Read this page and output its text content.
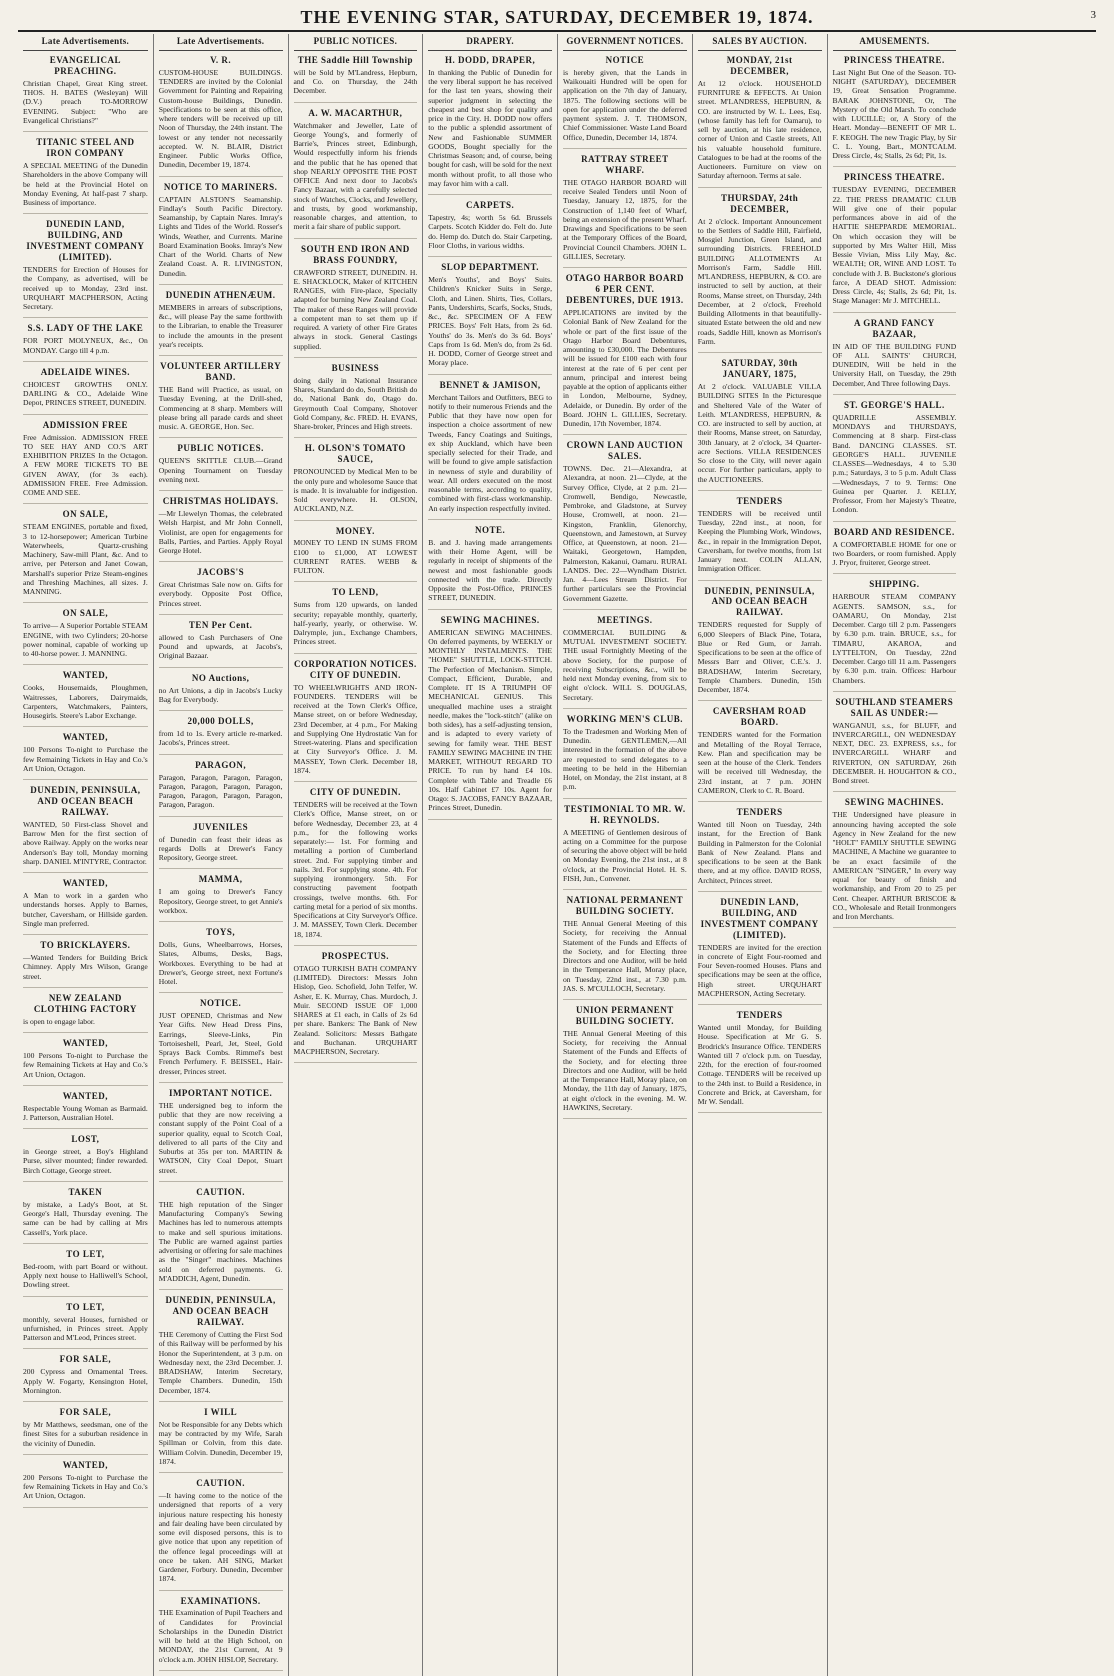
THE EVENING STAR, SATURDAY, DECEMBER 19, 1874.	3
Late Advertisements.
EVANGELICAL PREACHING.

Christian Chapel, Great King street. THOS. H. BATES (Wesleyan) Will (D.V.) preach TO-MORROW EVENING. Subject: "Who are Evangelical Christians?"

TITANIC STEEL AND IRON COMPANY

A SPECIAL MEETING of the Dunedin Shareholders in the above Company will be held at the Provincial Hotel on Monday Evening, At half-past 7 sharp. Business of importance.

DUNEDIN LAND, BUILDING, AND INVESTMENT COMPANY (LIMITED).

TENDERS for Erection of Houses for the Company, as advertised, will be received up to Monday, 23rd inst. URQUHART MACPHERSON, Acting Secretary.

S.S. LADY OF THE LAKE

FOR PORT MOLYNEUX, &c., On MONDAY. Cargo till 4 p.m.

ADELAIDE WINES.

CHOICEST GROWTHS ONLY. DARLING & CO., Adelaide Wine Depot, PRINCES STREET, DUNEDIN.

ADMISSION FREE

Free Admission. ADMISSION FREE TO SEE HAY AND CO.'S ART EXHIBITION PRIZES In the Octagon. A FEW MORE TICKETS TO BE GIVEN AWAY, (for 3s each). ADMISSION FREE. Free Admission. COME AND SEE.

ON SALE,

STEAM ENGINES, portable and fixed, 3 to 12-horsepower; American Turbine Waterwheels, Quartz-crushing Machinery, Saw-mill Plant, &c. And to arrive, per Peterson and Janet Cowan, Marshall's superior Prize Steam-engines and Threshing Machines, all sizes. J. MANNING.

ON SALE,

To arrive— A Superior Portable STEAM ENGINE, with two Cylinders; 20-horse power nominal, capable of working up to 40-horse power. J. MANNING.

WANTED,

Cooks, Housemaids, Ploughmen, Waitresses, Laborers, Dairymaids, Carpenters, Watchmakers, Painters, Housegirls. Steere's Labor Exchange.

WANTED,

100 Persons To-night to Purchase the few Remaining Tickets in Hay and Co.'s Art Union, Octagon.

DUNEDIN, PENINSULA, AND OCEAN BEACH RAILWAY.

WANTED, 50 First-class Shovel and Barrow Men for the first section of above Railway. Apply on the works near Anderson's Bay toll, Monday morning sharp. DANIEL M'INTYRE, Contractor.

WANTED,

A Man to work in a garden who understands horses. Apply to Barnes, butcher, Caversham, or Hillside garden. Single man preferred.

TO BRICKLAYERS.

—Wanted Tenders for Building Brick Chimney. Apply Mrs Wilson, Grange street.

NEW ZEALAND CLOTHING FACTORY

is open to engage labor.

WANTED,

100 Persons To-night to Purchase the few Remaining Tickets at Hay and Co.'s Art Union, Octagon.

WANTED,

Respectable Young Woman as Barmaid. J. Patterson, Australian Hotel.

LOST,

in George street, a Boy's Highland Purse, silver mounted; finder rewarded. Birch Cottage, George street.

TAKEN

by mistake, a Lady's Boot, at St. George's Hall, Thursday evening. The same can be had by calling at Mrs Cassell's, York place.

TO LET,

Bed-room, with part Board or without. Apply next house to Halliwell's School, Dowling street.

TO LET,

monthly, several Houses, furnished or unfurnished, in Princes street. Apply Patterson and M'Leod, Princes street.

FOR SALE,

200 Cypress and Ornamental Trees. Apply W. Fogarty, Kensington Hotel, Mornington.

FOR SALE,

by Mr Matthews, seedsman, one of the finest Sites for a suburban residence in the vicinity of Dunedin.

WANTED,

200 Persons To-night to Purchase the few Remaining Tickets in Hay and Co.'s Art Union, Octagon.

Late Advertisements.
V. R.

CUSTOM-HOUSE BUILDINGS. TENDERS are invited by the Colonial Government for Painting and Repairing Custom-house Buildings, Dunedin. Specifications to be seen at this office, where tenders will be received up till Noon of Thursday, the 24th instant. The lowest or any tender not necessarily accepted. W. N. BLAIR, District Engineer. Public Works Office, Dunedin, December 19, 1874.

NOTICE TO MARINERS.

CAPTAIN ALSTON'S Seamanship. Findlay's South Pacific Directory. Seamanship, by Captain Nares. Imray's Lights and Tides of the World. Rosser's Winds, Weather, and Currents. Marine Board Examination Books. Imray's New Chart of the World. Charts of New Zealand Coast. A. R. LIVINGSTON, Dunedin.

DUNEDIN ATHENÆUM.

MEMBERS in arrears of subscriptions, &c., will please Pay the same forthwith to the Librarian, to enable the Treasurer to include the amounts in the present year's receipts.

VOLUNTEER ARTILLERY BAND.

THE Band will Practice, as usual, on Tuesday Evening, at the Drill-shed, Commencing at 8 sharp. Members will please bring all parade cards and sheet music. A. GEORGE, Hon. Sec.

PUBLIC NOTICES.

QUEEN'S SKITTLE CLUB.—Grand Opening Tournament on Tuesday evening next.

CHRISTMAS HOLIDAYS.

—Mr Llewelyn Thomas, the celebrated Welsh Harpist, and Mr John Connell, Violinist, are open for engagements for Balls, Parties, and Parties. Apply Royal George Hotel.

JACOBS'S

Great Christmas Sale now on. Gifts for everybody. Opposite Post Office, Princes street.

TEN Per Cent.

allowed to Cash Purchasers of One Pound and upwards, at Jacobs's, Original Bazaar.

NO Auctions,

no Art Unions, a dip in Jacobs's Lucky Bag for Everybody.

20,000 DOLLS,

from 1d to 1s. Every article re-marked. Jacobs's, Princes street.

PARAGON,

Paragon, Paragon, Paragon, Paragon, Paragon, Paragon, Paragon, Paragon, Paragon, Paragon, Paragon, Paragon, Paragon, Paragon.

JUVENILES

of Dunedin can feast their ideas as regards Dolls at Drewer's Fancy Repository, George street.

MAMMA,

I am going to Drewer's Fancy Repository, George street, to get Annie's workbox.

TOYS,

Dolls, Guns, Wheelbarrows, Horses, Slates, Albums, Desks, Bags, Workboxes. Everything to be had at Drewer's, George street, next Fortune's Hotel.

NOTICE.

JUST OPENED, Christmas and New Year Gifts. New Head Dress Pins, Earrings, Sleeve-Links, Pin Tortoiseshell, Pearl, Jet, Steel, Gold Sprays Back Combs. Rimmel's best French Perfumery. F. BEISSEL, Hair-dresser, Princes street.

IMPORTANT NOTICE.

THE undersigned beg to inform the public that they are now receiving a constant supply of the Point Coal of a superior quality, equal to Scotch Coal, delivered to all parts of the City and Suburbs at 35s per ton. MARTIN & WATSON, City Coal Depot, Stuart street.

CAUTION.

THE high reputation of the Singer Manufacturing Company's Sewing Machines has led to numerous attempts to make and sell spurious imitations. The Public are warned against parties advertising or offering for sale machines as the "Singer" machines. Machines sold on deferred payments. G. M'ADDICH, Agent, Dunedin.

DUNEDIN, PENINSULA, AND OCEAN BEACH RAILWAY.

THE Ceremony of Cutting the First Sod of this Railway will be performed by his Honor the Superintendent, at 3 p.m. on Wednesday next, the 23rd December. J. BRADSHAW, Interim Secretary, Temple Chambers. Dunedin, 15th December, 1874.

I WILL

Not be Responsible for any Debts which may be contracted by my Wife, Sarah Spillman or Colvin, from this date. William Colvin. Dunedin, December 19, 1874.

CAUTION.

—It having come to the notice of the undersigned that reports of a very injurious nature respecting his honesty and fair dealing have been circulated by some evil disposed persons, this is to give notice that upon any repetition of the offence legal proceedings will at once be taken. AH SING, Market Gardener, Forbury. Dunedin, December 1874.

EXAMINATIONS.

THE Examination of Pupil Teachers and of Candidates for Provincial Scholarships in the Dunedin District will be held at the High School, on MONDAY, the 21st Current, At 9 o'clock a.m. JOHN HISLOP, Secretary.

PUBLIC NOTICES.
THE Saddle Hill Township

will be Sold by M'Landress, Hepburn, and Co. on Thursday, the 24th December.

A. W. MACARTHUR,

Watchmaker and Jeweller, Late of George Young's, and formerly of Barrie's, Princes street, Edinburgh, Would respectfully inform his friends and the public that he has opened that shop NEARLY OPPOSITE THE POST OFFICE And next door to Jacobs's Fancy Bazaar, with a carefully selected stock of Watches, Clocks, and Jewellery, and trusts, by good workmanship, reasonable charges, and attention, to merit a fair share of public support.

SOUTH END IRON AND BRASS FOUNDRY,

CRAWFORD STREET, DUNEDIN. H. E. SHACKLOCK, Maker of KITCHEN RANGES, with Fire-place, Specially adapted for burning New Zealand Coal. The maker of these Ranges will provide a competent man to set them up if required. A variety of other Fire Grates always in stock. General Castings supplied.

BUSINESS

doing daily in National Insurance Shares, Standard do do, South British do do, National Bank do, Otago do. Greymouth Coal Company, Shotover Gold Company, &c. FRED. H. EVANS, Share-broker, Princes and High streets.

H. OLSON'S TOMATO SAUCE,

PRONOUNCED by Medical Men to be the only pure and wholesome Sauce that is made. It is invaluable for indigestion. Sold everywhere. H. OLSON, AUCKLAND, N.Z.

MONEY.

MONEY TO LEND IN SUMS FROM £100 to £1,000, AT LOWEST CURRENT RATES. WEBB & FULTON.

TO LEND,

Sums from 120 upwards, on landed security; repayable monthly, quarterly, half-yearly, yearly, or otherwise. W. Dalrymple, jun., Exchange Chambers, Princes street.

CORPORATION NOTICES. CITY OF DUNEDIN.

TO WHEELWRIGHTS AND IRON-FOUNDERS. TENDERS will be received at the Town Clerk's Office, Manse street, on or before Wednesday, 23rd December, at 4 p.m., For Making and Supplying One Hydrostatic Van for Street-watering. Plans and specification at City Surveyor's Office. J. M. MASSEY, Town Clerk. December 18, 1874.

CITY OF DUNEDIN.

TENDERS will be received at the Town Clerk's Office, Manse street, on or before Wednesday, December 23, at 4 p.m., for the following works separately:— 1st. For forming and metalling a portion of Cumberland street. 2nd. For supplying timber and nails. 3rd. For supplying stone. 4th. For supplying ironmongery. 5th. For constructing pavement footpath crossings, twelve months. 6th. For carting metal for a period of six months. Specifications at City Surveyor's Office. J. M. MASSEY, Town Clerk. December 18, 1874.

PROSPECTUS.

OTAGO TURKISH BATH COMPANY (LIMITED). Directors: Messrs John Hislop, Geo. Schofield, John Telfer, W. Asher, E. K. Murray, Chas. Murdoch, J. Muir. SECOND ISSUE OF 1,000 SHARES at £1 each, in Calls of 2s 6d per share. Bankers: The Bank of New Zealand. Solicitors: Messrs Bathgate and Buchanan. URQUHART MACPHERSON, Secretary.

DRAPERY.
H. DODD, DRAPER,

In thanking the Public of Dunedin for the very liberal support he has received for the last ten years, showing their superior judgment in selecting the cheapest and best shop for quality and price in the City. H. DODD now offers to the public a splendid assortment of New and Fashionable SUMMER GOODS, Bought specially for the Christmas Season; and, of course, being bought for cash, will be sold for the next month without profit, to all those who may favor him with a call.

CARPETS.

Tapestry, 4s; worth 5s 6d. Brussels Carpets. Scotch Kidder do. Felt do. Jute do. Hemp do. Dutch do. Stair Carpeting, Floor Cloths, in various widths.

SLOP DEPARTMENT.

Men's Youths', and Boys' Suits. Children's Knicker Suits in Serge, Cloth, and Linen. Shirts, Ties, Collars, Pants, Undershirts, Scarfs, Socks, Studs, &c., &c. SPECIMEN OF A FEW PRICES. Boys' Felt Hats, from 2s 6d. Youths' do 3s. Men's do 3s 6d. Boys' Caps from 1s 6d. Men's do, from 2s 6d. H. DODD, Corner of George street and Moray place.

BENNET & JAMISON,

Merchant Tailors and Outfitters, BEG to notify to their numerous Friends and the Public that they have now open for inspection a choice assortment of new Tweeds, Fancy Coatings and Suitings, ex ship Auckland, which have been specially selected for their Trade, and will be found to give ample satisfaction in newness of style and durability of wear. All orders executed on the most reasonable terms, according to quality, combined with first-class workmanship. An early inspection respectfully invited.

NOTE.

B. and J. having made arrangements with their Home Agent, will be regularly in receipt of shipments of the newest and most fashionable goods connected with the trade. Directly Opposite the Post-Office, PRINCES STREET, DUNEDIN.

SEWING MACHINES.

AMERICAN SEWING MACHINES. On deferred payments, by WEEKLY or MONTHLY INSTALMENTS. THE "HOME" SHUTTLE, LOCK-STITCH. The Perfection of Mechanism. Simple, Compact, Efficient, Durable, and Complete. IT IS A TRIUMPH OF MECHANICAL GENIUS. This unequalled machine uses a straight needle, makes the "lock-stitch" (alike on both sides), has a self-adjusting tension, and is adapted to every variety of sewing for family wear. THE BEST FAMILY SEWING MACHINE IN THE MARKET, WITHOUT REGARD TO PRICE. To run by hand £4 10s. Complete with Table and Treadle £6 10s. Half Cabinet £7 10s. Agent for Otago: S. JACOBS, FANCY BAZAAR, Princes Street, Dunedin.

GOVERNMENT NOTICES.
NOTICE

is hereby given, that the Lands in Waikouaiti Hundred will be open for application on the 7th day of January, 1875. The following sections will be open for application under the deferred payment system. J. T. THOMSON, Chief Commissioner. Waste Land Board Office, Dunedin, December 14, 1874.

RATTRAY STREET WHARF.

THE OTAGO HARBOR BOARD will receive Sealed Tenders until Noon of Tuesday, January 12, 1875, for the Construction of 1,140 feet of Wharf, being an extension of the present Wharf. Drawings and Specifications to be seen at the Temporary Offices of the Board, Provincial Council Chambers. JOHN L. GILLIES, Secretary.

OTAGO HARBOR BOARD 6 PER CENT. DEBENTURES, DUE 1913.

APPLICATIONS are invited by the Colonial Bank of New Zealand for the whole or part of the first issue of the Otago Harbor Board Debentures, amounting to £30,000. The Debentures will be issued for £100 each with four interest at the rate of 6 per cent per annum, principal and interest being payable at the option of applicants either in London, Melbourne, Sydney, Adelaide, or Dunedin. By order of the Board. JOHN L. GILLIES, Secretary. Dunedin, 17th November, 1874.

CROWN LAND AUCTION SALES.

TOWNS. Dec. 21—Alexandra, at Alexandra, at noon. 21—Clyde, at the Survey Office, Clyde, at 2 p.m. 21—Cromwell, Bendigo, Newcastle, Pembroke, and Gladstone, at Survey House, Cromwell, at noon. 21—Kingston, Franklin, Glenorchy, Queenstown, and Jamestown, at Survey Office, at Queenstown, at noon. 21—Waitaki, Georgetown, Hampden, Palmerston, Kakanui, Oamaru. RURAL LANDS. Dec. 22—Wyndham District. Jan. 4—Lees Stream District. For further particulars see the Provincial Government Gazette.

MEETINGS.

COMMERCIAL BUILDING & MUTUAL INVESTMENT SOCIETY. THE usual Fortnightly Meeting of the above Society, for the purpose of receiving Subscriptions, &c., will be held next Monday evening, from six to eight o'clock. WILL S. DOUGLAS, Secretary.

WORKING MEN'S CLUB.

To the Tradesmen and Working Men of Dunedin. GENTLEMEN,—All interested in the formation of the above are requested to send delegates to a meeting to be held in the Hibernian Hotel, on Monday, the 21st instant, at 8 p.m.

TESTIMONIAL TO MR. W. H. REYNOLDS.

A MEETING of Gentlemen desirous of acting on a Committee for the purpose of securing the above object will be held on Monday Evening, the 21st inst., at 8 o'clock, at the Provincial Hotel. H. S. FISH, Jun., Convener.

NATIONAL PERMANENT BUILDING SOCIETY.

THE Annual General Meeting of this Society, for receiving the Annual Statement of the Funds and Effects of the Society, and for Electing three Directors and one Auditor, will be held in the Temperance Hall, Moray place, on Tuesday, 22nd inst., at 7.30 p.m. JAS. S. M'CULLOCH, Secretary.

UNION PERMANENT BUILDING SOCIETY.

THE Annual General Meeting of this Society, for receiving the Annual Statement of the Funds and Effects of the Society, and for electing three Directors and one Auditor, will be held at the Temperance Hall, Moray place, on Monday, the 11th day of January, 1875, at eight o'clock in the evening. M. W. HAWKINS, Secretary.

SALES BY AUCTION.
MONDAY, 21st DECEMBER,

At 12 o'clock. HOUSEHOLD FURNITURE & EFFECTS. At Union street. M'LANDRESS, HEPBURN, & CO. are instructed by W. L. Lees, Esq. (whose family has left for Oamaru), to sell by auction, at his late residence, corner of Union and Castle streets, All his valuable household furniture. Catalogues to be had at the rooms of the Auctioneers. Furniture on view on Saturday afternoon. Terms at sale.

THURSDAY, 24th DECEMBER,

At 2 o'clock. Important Announcement to the Settlers of Saddle Hill, Fairfield, Mosgiel Junction, Green Island, and surrounding Districts. FREEHOLD BUILDING ALLOTMENTS At Morrison's Farm, Saddle Hill. M'LANDRESS, HEPBURN, & CO. are instructed to sell by auction, at their Rooms, Manse street, on Thursday, 24th December, at 2 o'clock, Freehold Building Allotments in that beautifully-situated Estate between the old and new roads, Saddle Hill, known as Morrison's Farm.

SATURDAY, 30th JANUARY, 1875,

At 2 o'clock. VALUABLE VILLA BUILDING SITES In the Picturesque and Sheltered Vale of the Water of Leith. M'LANDRESS, HEPBURN, & CO. are instructed to sell by auction, at their Rooms, Manse street, on Saturday, 30th January, at 2 o'clock, 34 Quarter-acre Sections. VILLA RESIDENCES So close to the City, will never again occur. For further particulars, apply to the AUCTIONEERS.

TENDERS

TENDERS will be received until Tuesday, 22nd inst., at noon, for Keeping the Plumbing Work, Windows, &c., in repair in the Immigration Depot, Caversham, for twelve months, from 1st January next. COLIN ALLAN, Immigration Officer.

DUNEDIN, PENINSULA, AND OCEAN BEACH RAILWAY.

TENDERS requested for Supply of 6,000 Sleepers of Black Pine, Totara, Blue or Red Gum, or Jarrah. Specifications to be seen at the office of Messrs Barr and Oliver, C.E.'s. J. BRADSHAW, Interim Secretary, Temple Chambers. Dunedin, 15th December, 1874.

CAVERSHAM ROAD BOARD.

TENDERS wanted for the Formation and Metalling of the Royal Terrace, Kew. Plan and specification may be seen at the house of the Clerk. Tenders will be received till Wednesday, the 23rd instant, at 7 p.m. JOHN CAMERON, Clerk to C. R. Board.

TENDERS

Wanted till Noon on Tuesday, 24th instant, for the Erection of Bank Building in Palmerston for the Colonial Bank of New Zealand. Plans and specifications to be seen at the Bank there, and at my office. DAVID ROSS, Architect, Princes street.

DUNEDIN LAND, BUILDING, AND INVESTMENT COMPANY (LIMITED).

TENDERS are invited for the erection in concrete of Eight Four-roomed and Four Seven-roomed Houses. Plans and specifications may be seen at the office, High street. URQUHART MACPHERSON, Acting Secretary.

TENDERS

Wanted until Monday, for Building House. Specification at Mr G. S. Brodrick's Insurance Office. TENDERS Wanted till 7 o'clock p.m. on Tuesday, 22th, for the erection of four-roomed Cottage. TENDERS will be received up to the 24th inst. to Build a Residence, in Concrete and Brick, at Caversham, for Mr W. Sendall.

AMUSEMENTS.
PRINCESS THEATRE.

Last Night But One of the Season. TO-NIGHT (SATURDAY), DECEMBER 19, Great Sensation Programme. BARAK JOHNSTONE, Or, The Mystery of the Old Marsh. To conclude with LUCILLE; or, A Story of the Heart. Monday—BENEFIT OF MR L. F. KEOGH. The new Tragic Play, by Sir C. L. Young, Bart., MONTCALM. Dress Circle, 4s; Stalls, 2s 6d; Pit, 1s.

PRINCESS THEATRE.

TUESDAY EVENING, DECEMBER 22. THE PRESS DRAMATIC CLUB Will give one of their popular performances above in aid of the HATTIE SHEPPARDE MEMORIAL. On which occasion they will be supported by Mrs Walter Hill, Miss Bessie Vivian, Miss Lily May, &c. WEALTH; OR, WINE AND LOST. To conclude with J. B. Buckstone's glorious farce, A DEAD SHOT. Admission: Dress Circle, 4s; Stalls, 2s 6d; Pit, 1s. Stage Manager: Mr J. MITCHELL.

A GRAND FANCY BAZAAR,

IN AID OF THE BUILDING FUND OF ALL SAINTS' CHURCH, DUNEDIN, Will be held in the University Hall, on Tuesday, the 29th December, And Three following Days.

ST. GEORGE'S HALL.

QUADRILLE ASSEMBLY. MONDAYS and THURSDAYS, Commencing at 8 sharp. First-class Band. DANCING CLASSES. ST. GEORGE'S HALL. JUVENILE CLASSES—Wednesdays, 4 to 5.30 p.m.; Saturdays, 3 to 5 p.m. Adult Class—Wednesdays, 7 to 9. Terms: One Guinea per Quarter. J. KELLY, Professor, From her Majesty's Theatre, London.

BOARD AND RESIDENCE.

A COMFORTABLE HOME for one or two Boarders, or room furnished. Apply J. Pryor, fruiterer, George street.

SHIPPING.

HARBOUR STEAM COMPANY AGENTS. SAMSON, s.s., for OAMARU, On Monday, 21st December. Cargo till 2 p.m. Passengers by 6.30 p.m. train. BRUCE, s.s., for TIMARU, AKAROA, and LYTTELTON, On Tuesday, 22nd December. Cargo till 11 a.m. Passengers by 6.30 p.m. train. Offices: Harbour Chambers.

SOUTHLAND STEAMERS SAIL AS UNDER:—

WANGANUI, s.s., for BLUFF, and INVERCARGILL, ON WEDNESDAY NEXT, DEC. 23. EXPRESS, s.s., for INVERCARGILL WHARF and RIVERTON, ON SATURDAY, 26th DECEMBER. H. HOUGHTON & CO., Bond street.

SEWING MACHINES.

THE Undersigned have pleasure in announcing having accepted the sole Agency in New Zealand for the new "HOLT" FAMILY SHUTTLE SEWING MACHINE, A Machine we guarantee to be an exact facsimile of the AMERICAN "SINGER," In every way equal for beauty of finish and workmanship, and From 20 to 25 per Cent. Cheaper. ARTHUR BRISCOE & CO., Wholesale and Retail Ironmongers and Iron Merchants.
